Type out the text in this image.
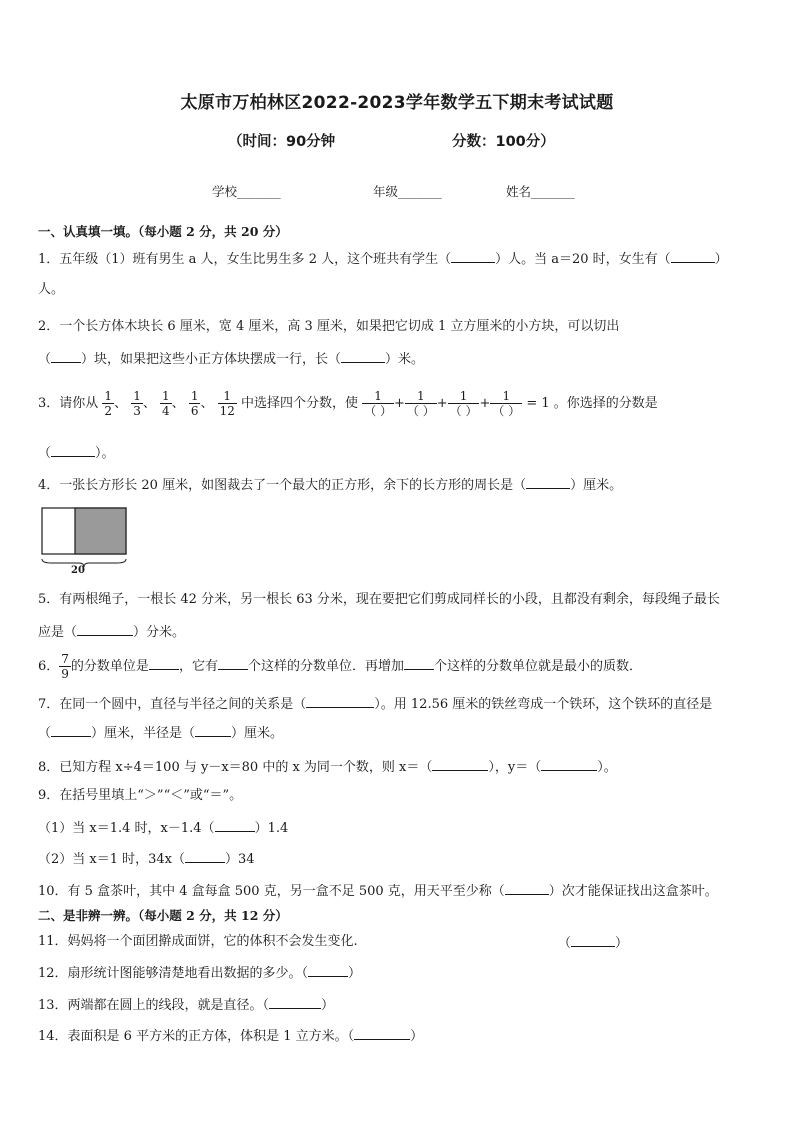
太原市万柏林区2022-2023学年数学五下期末考试试题
（时间：90分钟	分数：100分）
学校_______	年级_______	姓名_______
一、认真填一填。（每小题 2 分，共 20 分）
1．五年级（1）班有男生 a 人，女生比男生多 2 人，这个班共有学生（	）人。当 a＝20 时，女生有（	）
人。
2．一个长方体木块长 6 厘米，宽 4 厘米，高 3 厘米，如果把它切成 1 立方厘米的小方块，可以切出
（ ）块，如果把这些小正方体块摆成一行，长（	）米。
3．请你从 $\frac{1}{2}$ 、 $\frac{1}{3}$ 、 $\frac{1}{4}$ 、 $\frac{1}{6}$ 、 $\frac{1}{12}$ 中选择四个分数，使 $\frac{1}{( )} + \frac{1}{( )} + \frac{1}{( )} + \frac{1}{( )} = 1$ 。你选择的分数是
（	）。
4．一张长方形长 20 厘米，如图裁去了一个最大的正方形，余下的长方形的周长是（	）厘米。
20
5．有两根绳子，一根长 42 分米，另一根长 63 分米，现在要把它们剪成同样长的小段，且都没有剩余，每段绳子最长
应是（	）分米。
6． $\frac{7}{9}$ 的分数单位是 ，它有 个这样的分数单位．再增加 个这样的分数单位就是最小的质数．
7．在同一个圆中，直径与半径之间的关系是（	）。用 12.56 厘米的铁丝弯成一个铁环，这个铁环的直径是
（	）厘米，半径是（	）厘米。
8．已知方程 x÷4＝100 与 y－x＝80 中的 x 为同一个数，则 x＝（	），y＝（	）。
9．在括号里填上“＞”“＜”或“＝”。
（1）当 x＝1.4 时，x－1.4（	）1.4
（2）当 x＝1 时，34x（	）34
10．有 5 盒茶叶，其中 4 盒每盒 500 克，另一盒不足 500 克，用天平至少称（	）次才能保证找出这盒茶叶。
二、是非辨一辨。（每小题 2 分，共 12 分）
11．妈妈将一个面团擀成面饼，它的体积不会发生变化.	（	）
12．扇形统计图能够清楚地看出数据的多少。（	）
13．两端都在圆上的线段，就是直径。（	）
14．表面积是 6 平方米的正方体，体积是 1 立方米。（	）
